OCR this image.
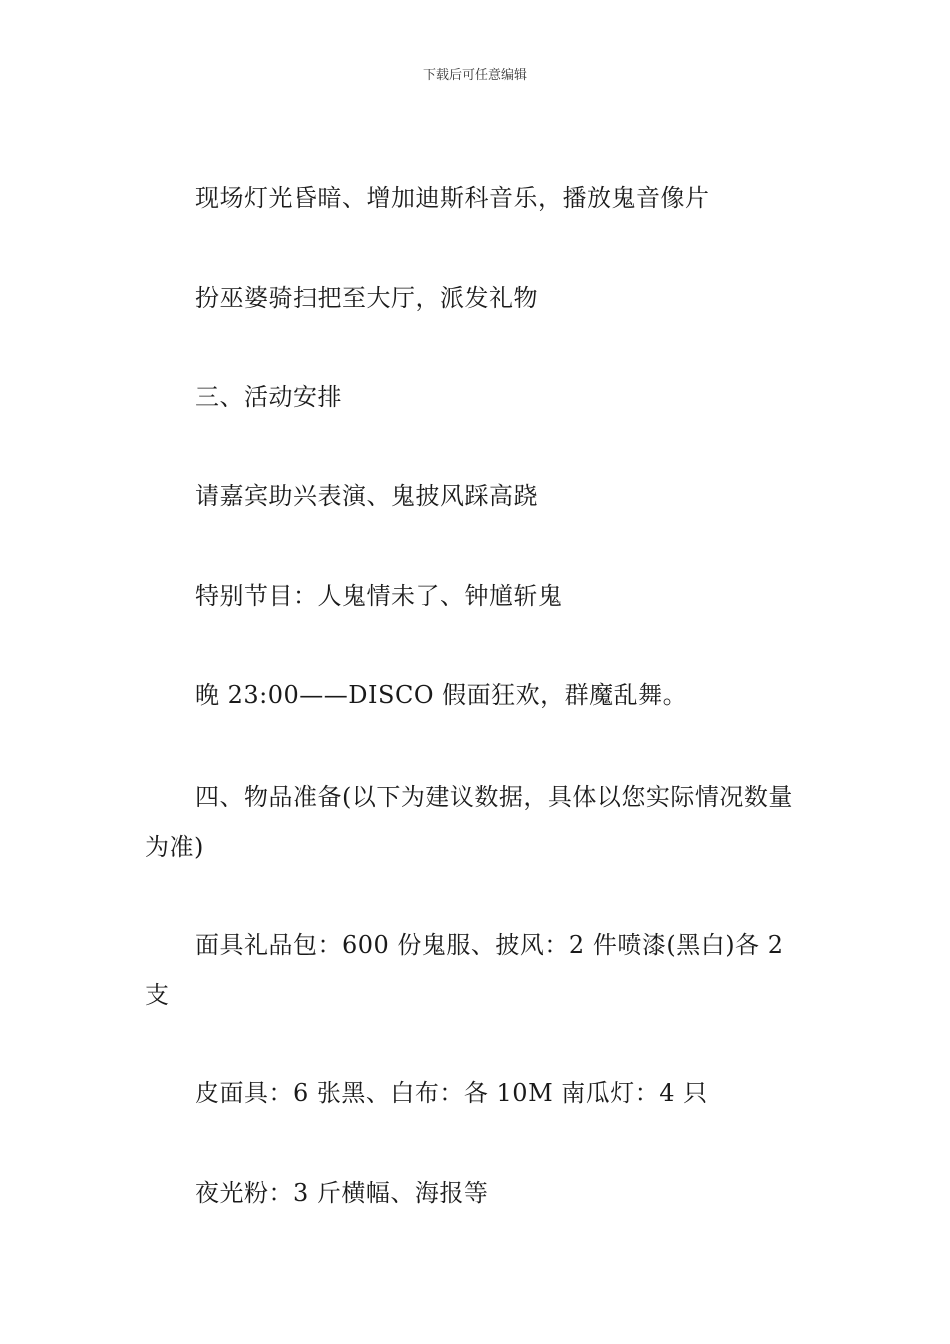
下载后可任意编辑

现场灯光昏暗、增加迪斯科音乐，播放鬼音像片

扮巫婆骑扫把至大厅，派发礼物

三、活动安排

请嘉宾助兴表演、鬼披风踩高跷

特别节目：人鬼情未了、钟馗斩鬼

晚 23:00——DISCO 假面狂欢，群魔乱舞。

四、物品准备(以下为建议数据，具体以您实际情况数量为准)

面具礼品包：600 份鬼服、披风：2 件喷漆(黑白)各 2 支

皮面具：6 张黑、白布：各 10M 南瓜灯：4 只

夜光粉：3 斤横幅、海报等
